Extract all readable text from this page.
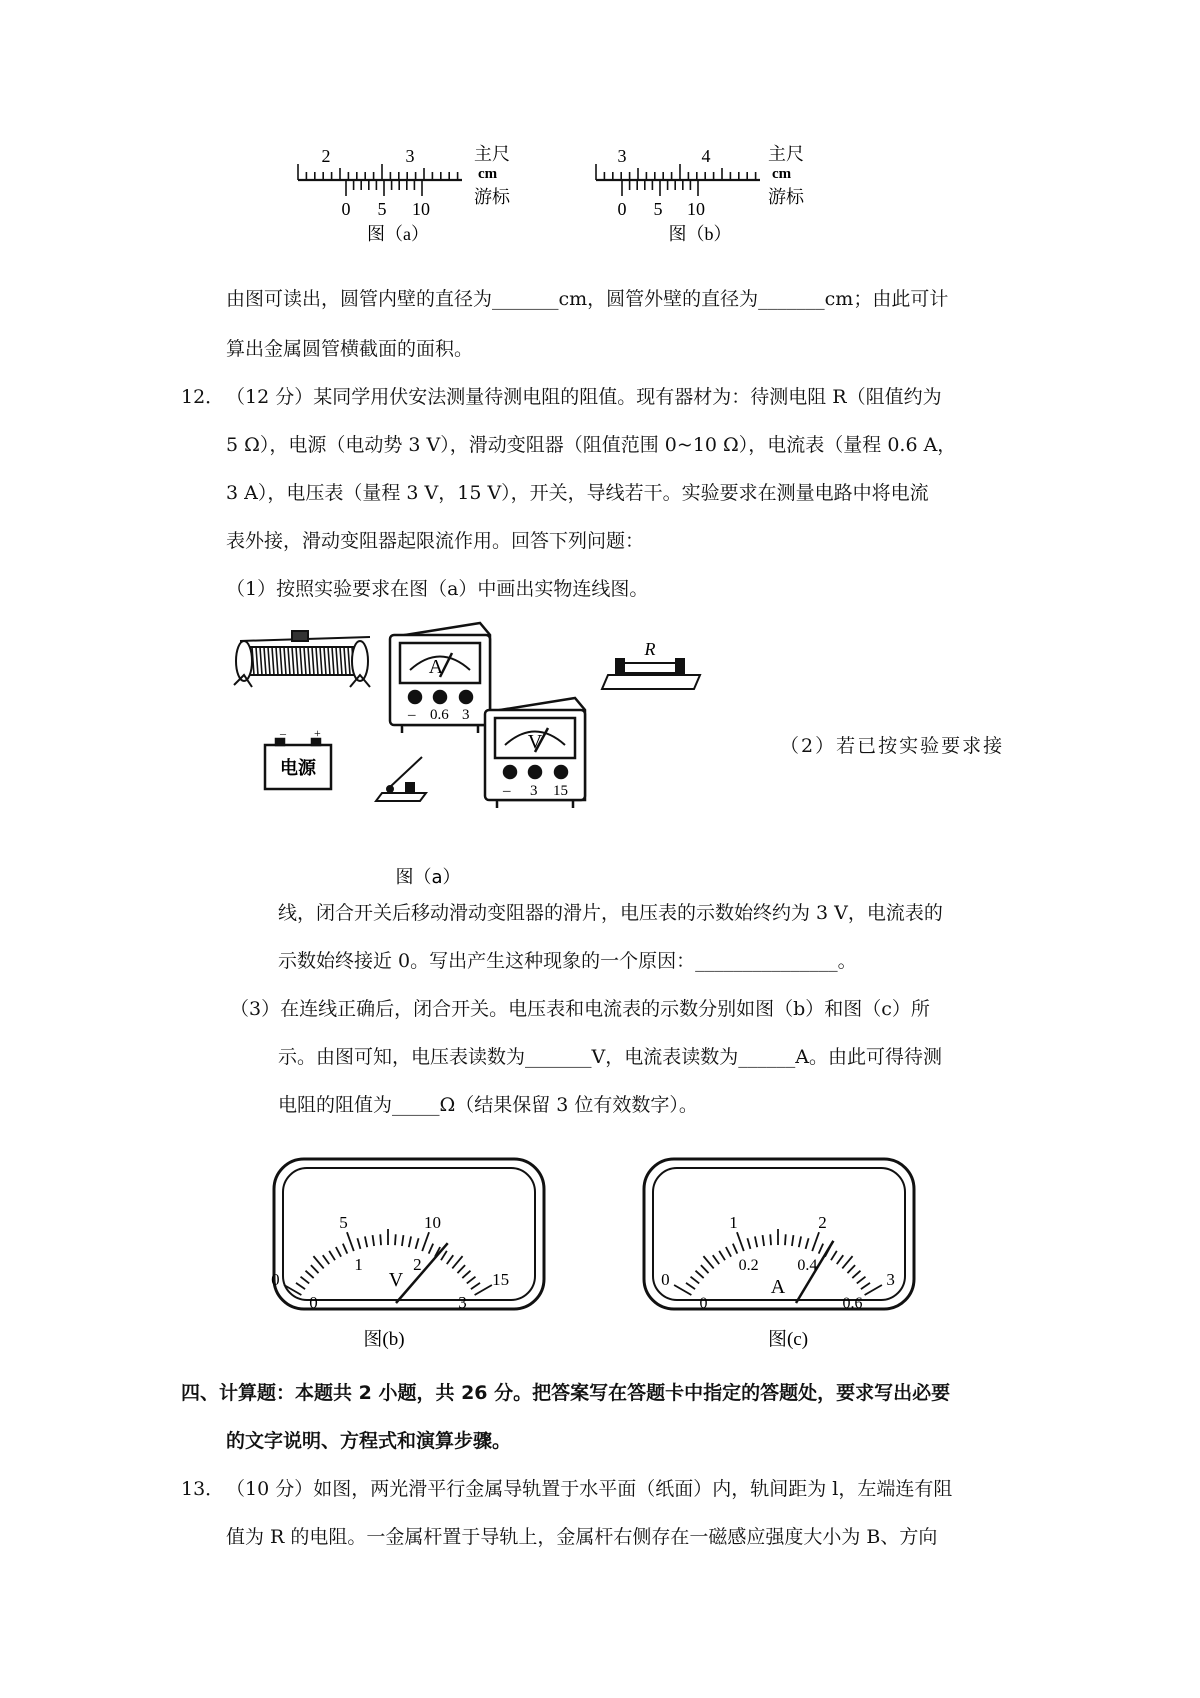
2	3
0 5 10
主尺
cm
游标
图（a）
3	4
0 5 10
主尺
cm
游标
图（b）
由图可读出，圆管内壁的直径为_______cm，圆管外壁的直径为_______cm；由此可计
算出金属圆管横截面的面积。
12． （12 分）某同学用伏安法测量待测电阻的阻值。现有器材为：待测电阻 R（阻值约为
5 Ω），电源（电动势 3 V），滑动变阻器（阻值范围 0~10 Ω），电流表（量程 0.6 A，
3 A），电压表（量程 3 V，15 V），开关，导线若干。实验要求在测量电路中将电流
表外接，滑动变阻器起限流作用。回答下列问题：
（1）按照实验要求在图（a）中画出实物连线图。
A
– 0.6 3
R
– +
电源
V
– 3 15
图（a）
（2）若已按实验要求接
线，闭合开关后移动滑动变阻器的滑片，电压表的示数始终约为 3 V，电流表的
示数始终接近 0。写出产生这种现象的一个原因：_______________。
（3）在连线正确后，闭合开关。电压表和电流表的示数分别如图（b）和图（c）所
示。由图可知，电压表读数为_______V，电流表读数为______A。由此可得待测
电阻的阻值为_____Ω（结果保留 3 位有效数字）。
0
5	10
15
0
1	2
3
V
图(b)
0
1	2
3
0
0.2 0.4
0.6
A
图(c)
四、计算题：本题共 2 小题，共 26 分。把答案写在答题卡中指定的答题处，要求写出必要
的文字说明、方程式和演算步骤。
13． （10 分）如图，两光滑平行金属导轨置于水平面（纸面）内，轨间距为 l，左端连有阻
值为 R 的电阻。一金属杆置于导轨上，金属杆右侧存在一磁感应强度大小为 B、方向
